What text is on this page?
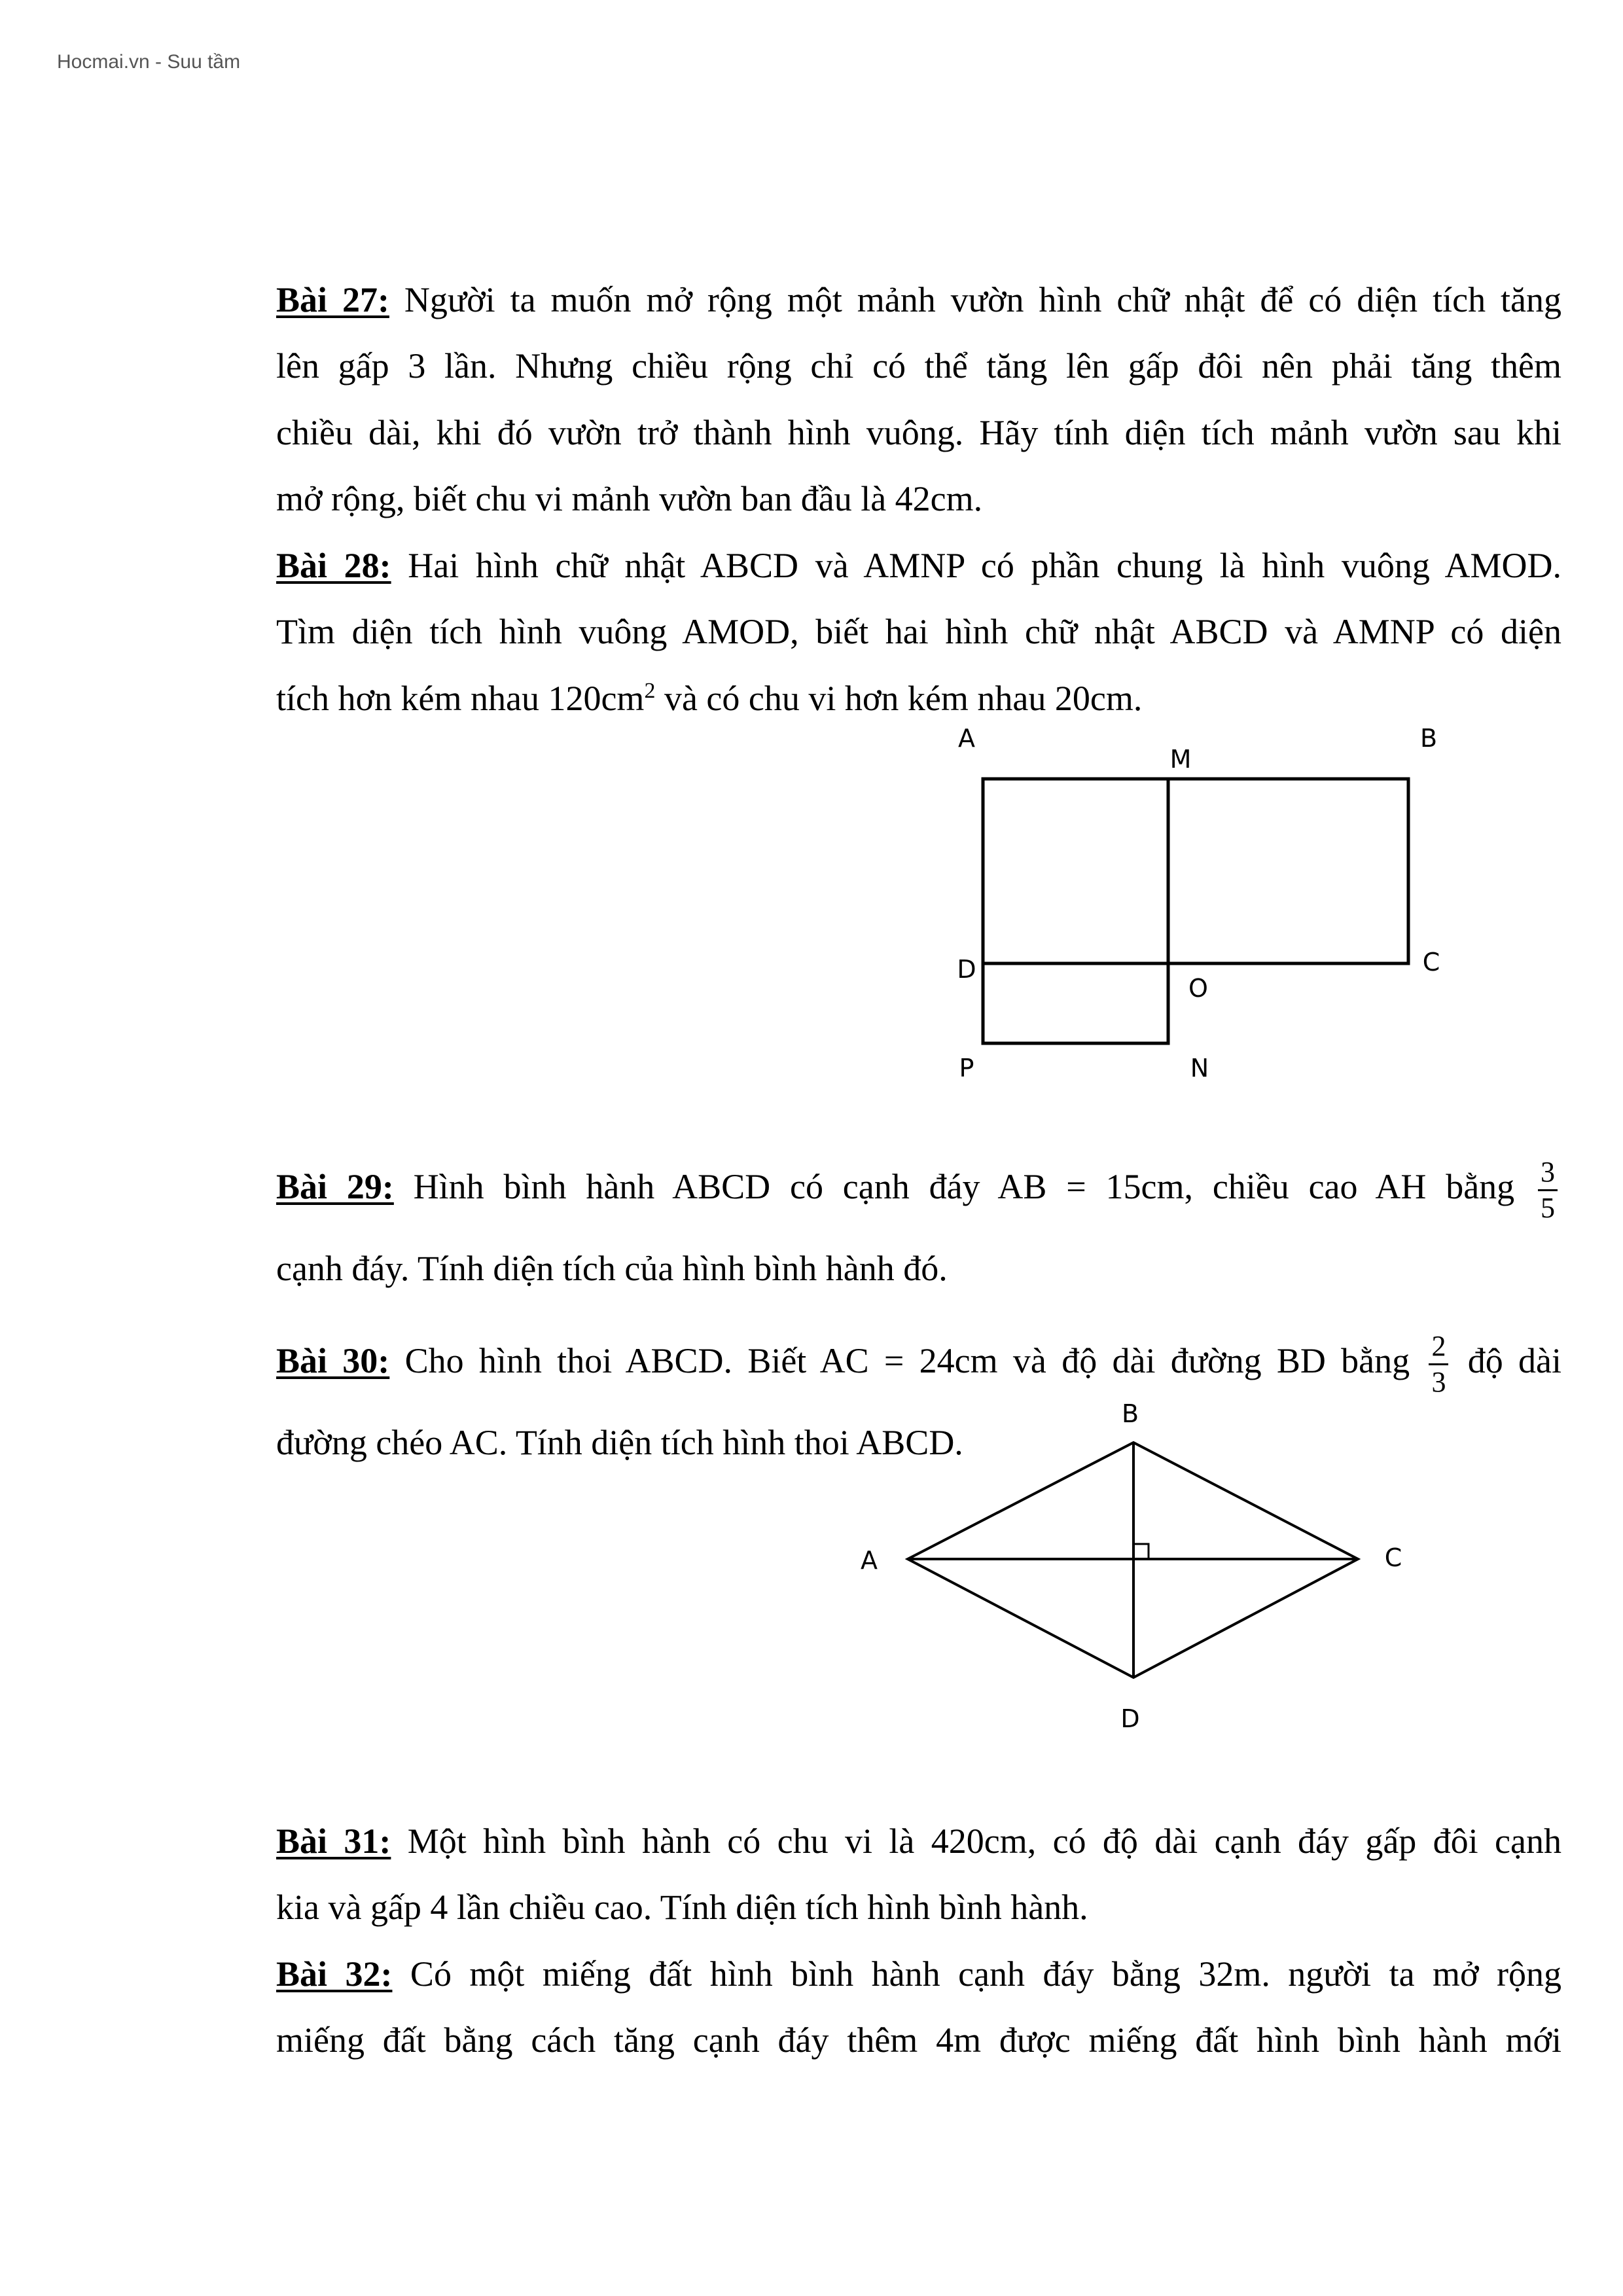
Hocmai.vn - Suu tầm
Bài 27: Người ta muốn mở rộng một mảnh vườn hình chữ nhật để có diện tích tăng
lên gấp 3 lần. Nhưng chiều rộng chỉ có thể tăng lên gấp đôi nên phải tăng thêm
chiều dài, khi đó vườn trở thành hình vuông. Hãy tính diện tích mảnh vườn sau khi
mở rộng, biết chu vi mảnh vườn ban đầu là 42cm.
Bài 28: Hai hình chữ nhật ABCD và AMNP có phần chung là hình vuông AMOD.
Tìm diện tích hình vuông AMOD, biết hai hình chữ nhật ABCD và AMNP có diện
tích hơn kém nhau $120cm^2$ và có chu vi hơn kém nhau 20cm.
A	B
M
D	C
O
P	N
Bài 29: Hình bình hành ABCD có cạnh đáy AB = 15cm, chiều cao AH bằng $\frac{3}{5}$
cạnh đáy. Tính diện tích của hình bình hành đó.
Bài 30: Cho hình thoi ABCD. Biết AC = 24cm và độ dài đường BD bằng $\frac{2}{3}$ độ dài
đường chéo AC. Tính diện tích hình thoi ABCD.
B
A	C
D
Bài 31: Một hình bình hành có chu vi là 420cm, có độ dài cạnh đáy gấp đôi cạnh
kia và gấp 4 lần chiều cao. Tính diện tích hình bình hành.
Bài 32: Có một miếng đất hình bình hành cạnh đáy bằng 32m. người ta mở rộng
miếng đất bằng cách tăng cạnh đáy thêm 4m được miếng đất hình bình hành mới
